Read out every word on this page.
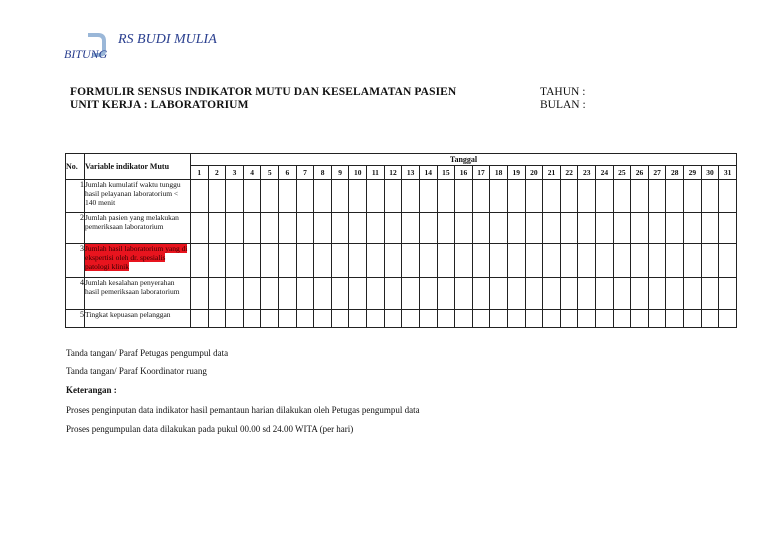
RS BUDI MULIA
BITUNG
FORMULIR SENSUS INDIKATOR MUTU DAN KESELAMATAN PASIEN
UNIT KERJA : LABORATORIUM
TAHUN :
BULAN :
No.	Variable indikator Mutu	Tanggal																														
		1	2	3	4	5	6	7	8	9	10	11	12	13	14	15	16	17	18	19	20	21	22	23	24	25	26	27	28	29	30	31
1	Jumlah kumulatif waktu tunggu hasil pelayanan laboratorium < 140 menit																															
2	Jumlah pasien yang melakukan pemeriksaan laboratorium																															
3	Jumlah hasil laboratorium yang di ekspertisi oleh dr. spesialis patologi klinik																															
4	Jumlah kesalahan penyerahan hasil pemeriksaan laboratorium																															
5	Tingkat kepuasan pelanggan																															
Tanda tangan/ Paraf Petugas pengumpul data
Tanda tangan/ Paraf Koordinator ruang
Keterangan :
Proses penginputan data indikator hasil pemantaun harian dilakukan oleh Petugas pengumpul data
Proses pengumpulan data dilakukan pada pukul 00.00 sd 24.00 WITA (per hari)
